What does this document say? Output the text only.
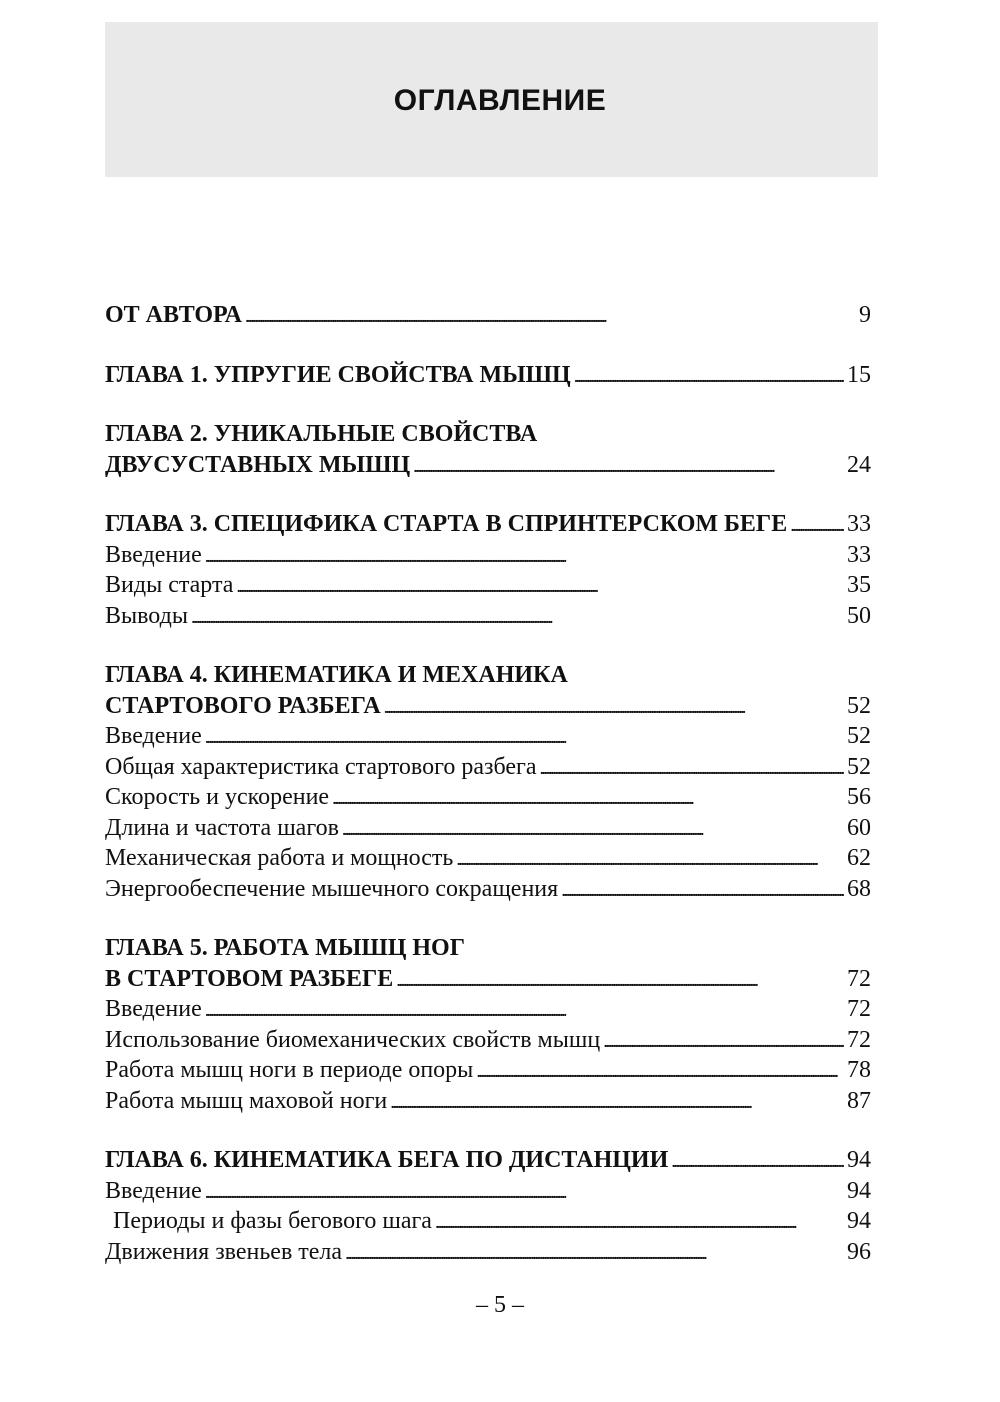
ОГЛАВЛЕНИЕ
ОТ АВТОРА . . .	9
ГЛАВА 1. УПРУГИЕ СВОЙСТВА МЫШЦ . . .	15
ГЛАВА 2. УНИКАЛЬНЫЕ СВОЙСТВА
ДВУСУСТАВНЫХ МЫШЦ . . .	24
ГЛАВА 3. СПЕЦИФИКА СТАРТА В СПРИНТЕРСКОМ БЕГЕ . . . 33
Введение . . .	33
Виды старта . . .	35
Выводы . . .	50
ГЛАВА 4. КИНЕМАТИКА И МЕХАНИКА
СТАРТОВОГО РАЗБЕГА . . .	52
Введение . . .	52
Общая характеристика стартового разбега . . .	52
Скорость и ускорение . . .	56
Длина и частота шагов . . .	60
Механическая работа и мощность . . .	62
Энергообеспечение мышечного сокращения . . .	68
ГЛАВА 5. РАБОТА МЫШЦ НОГ
В СТАРТОВОМ РАЗБЕГЕ . . .	72
Введение . . .	72
Использование биомеханических свойств мышц . . .	72
Работа мышц ноги в периоде опоры . . .	78
Работа мышц маховой ноги . . .	87
ГЛАВА 6. КИНЕМАТИКА БЕГА ПО ДИСТАНЦИИ . . .	94
Введение . . .	94
Периоды и фазы бегового шага . . .	94
Движения звеньев тела . . .	96
– 5 –
